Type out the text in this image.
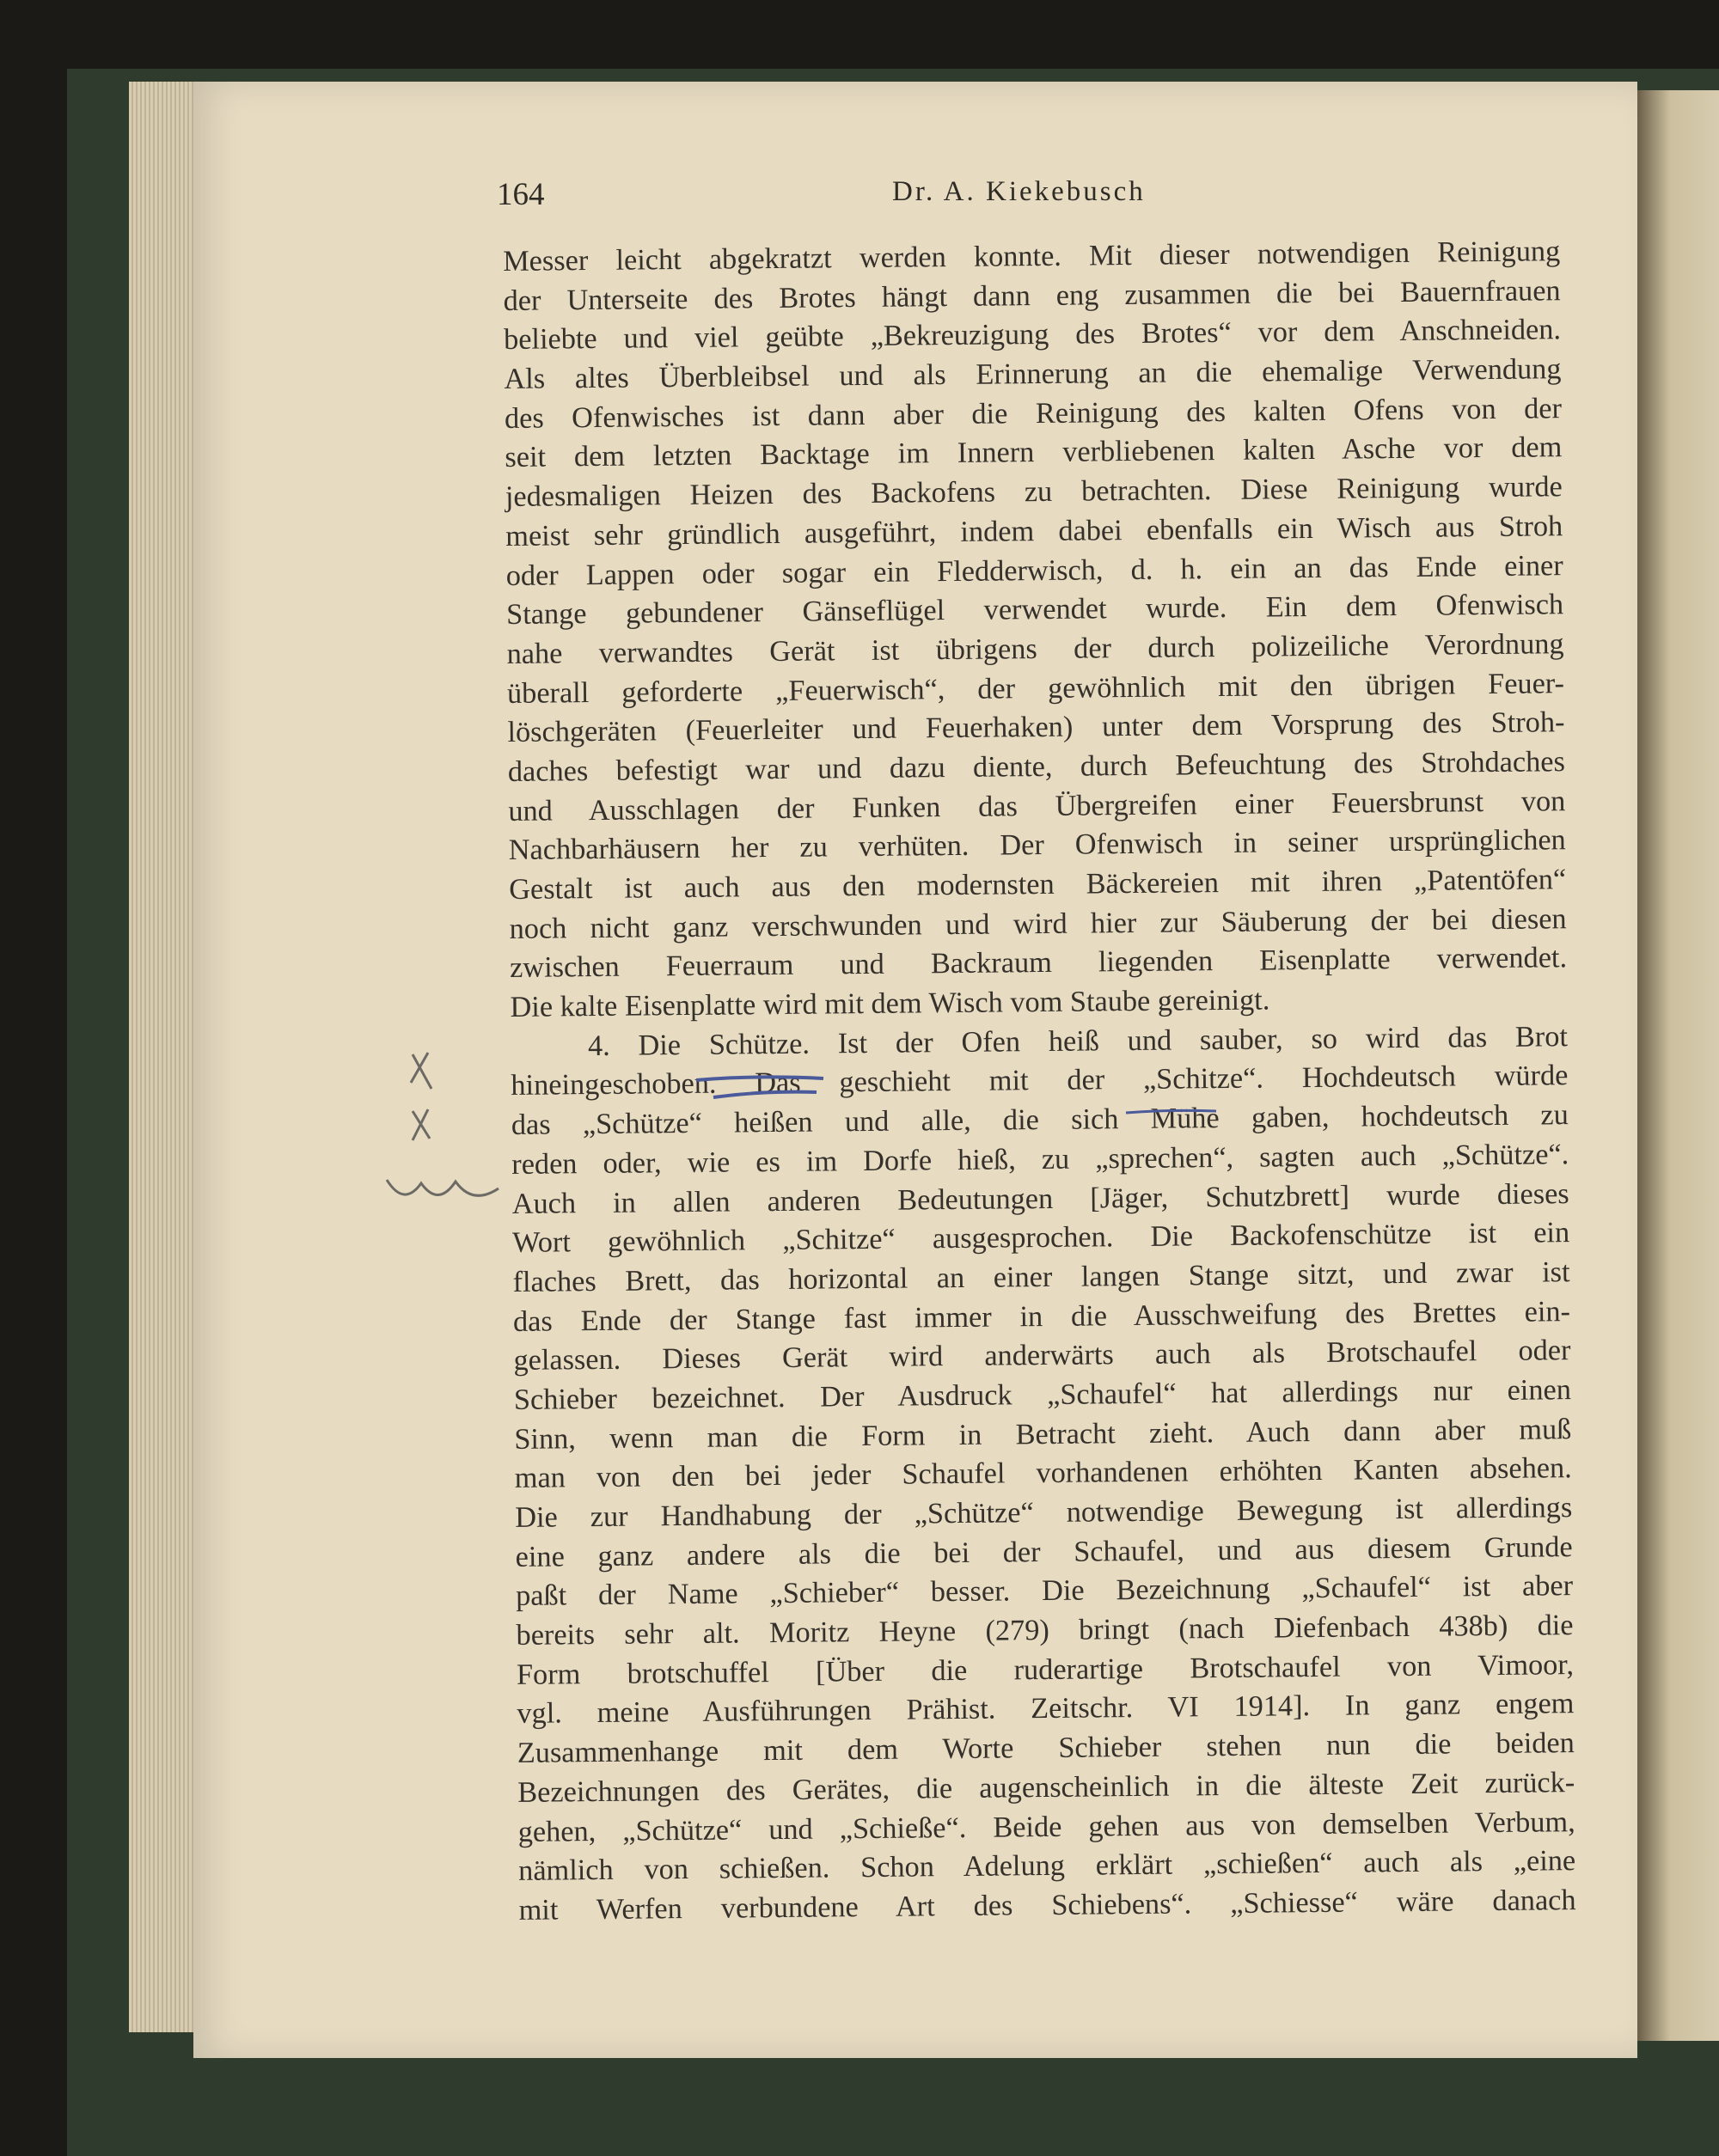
164	Dr. A. Kiekebusch
Messer leicht abgekratzt werden konnte. Mit dieser notwendigen Reinigung
der Unterseite des Brotes hängt dann eng zusammen die bei Bauernfrauen
beliebte und viel geübte „Bekreuzigung des Brotes“ vor dem Anschneiden.
Als altes Überbleibsel und als Erinnerung an die ehemalige Verwendung
des Ofenwisches ist dann aber die Reinigung des kalten Ofens von der
seit dem letzten Backtage im Innern verbliebenen kalten Asche vor dem
jedesmaligen Heizen des Backofens zu betrachten. Diese Reinigung wurde
meist sehr gründlich ausgeführt, indem dabei ebenfalls ein Wisch aus Stroh
oder Lappen oder sogar ein Fledderwisch, d. h. ein an das Ende einer
Stange gebundener Gänseflügel verwendet wurde. Ein dem Ofenwisch
nahe verwandtes Gerät ist übrigens der durch polizeiliche Verordnung
überall geforderte „Feuerwisch“, der gewöhnlich mit den übrigen Feuer-
löschgeräten (Feuerleiter und Feuerhaken) unter dem Vorsprung des Stroh-
daches befestigt war und dazu diente, durch Befeuchtung des Strohdaches
und Ausschlagen der Funken das Übergreifen einer Feuersbrunst von
Nachbarhäusern her zu verhüten. Der Ofenwisch in seiner ursprünglichen
Gestalt ist auch aus den modernsten Bäckereien mit ihren „Patentöfen“
noch nicht ganz verschwunden und wird hier zur Säuberung der bei diesen
zwischen Feuerraum und Backraum liegenden Eisenplatte verwendet.
Die kalte Eisenplatte wird mit dem Wisch vom Staube gereinigt.
4. Die Schütze. Ist der Ofen heiß und sauber, so wird das Brot
hineingeschoben. Das geschieht mit der „Schitze“. Hochdeutsch würde
das „Schütze“ heißen und alle, die sich Mühe gaben, hochdeutsch zu
reden oder, wie es im Dorfe hieß, zu „sprechen“, sagten auch „Schütze“.
Auch in allen anderen Bedeutungen [Jäger, Schutzbrett] wurde dieses
Wort gewöhnlich „Schitze“ ausgesprochen. Die Backofenschütze ist ein
flaches Brett, das horizontal an einer langen Stange sitzt, und zwar ist
das Ende der Stange fast immer in die Ausschweifung des Brettes ein-
gelassen. Dieses Gerät wird anderwärts auch als Brotschaufel oder
Schieber bezeichnet. Der Ausdruck „Schaufel“ hat allerdings nur einen
Sinn, wenn man die Form in Betracht zieht. Auch dann aber muß
man von den bei jeder Schaufel vorhandenen erhöhten Kanten absehen.
Die zur Handhabung der „Schütze“ notwendige Bewegung ist allerdings
eine ganz andere als die bei der Schaufel, und aus diesem Grunde
paßt der Name „Schieber“ besser. Die Bezeichnung „Schaufel“ ist aber
bereits sehr alt. Moritz Heyne (279) bringt (nach Diefenbach 438b) die
Form brotschuffel [Über die ruderartige Brotschaufel von Vimoor,
vgl. meine Ausführungen Prähist. Zeitschr. VI 1914]. In ganz engem
Zusammenhange mit dem Worte Schieber stehen nun die beiden
Bezeichnungen des Gerätes, die augenscheinlich in die älteste Zeit zurück-
gehen, „Schütze“ und „Schieße“. Beide gehen aus von demselben Verbum,
nämlich von schießen. Schon Adelung erklärt „schießen“ auch als „eine
mit Werfen verbundene Art des Schiebens“. „Schiesse“ wäre danach
